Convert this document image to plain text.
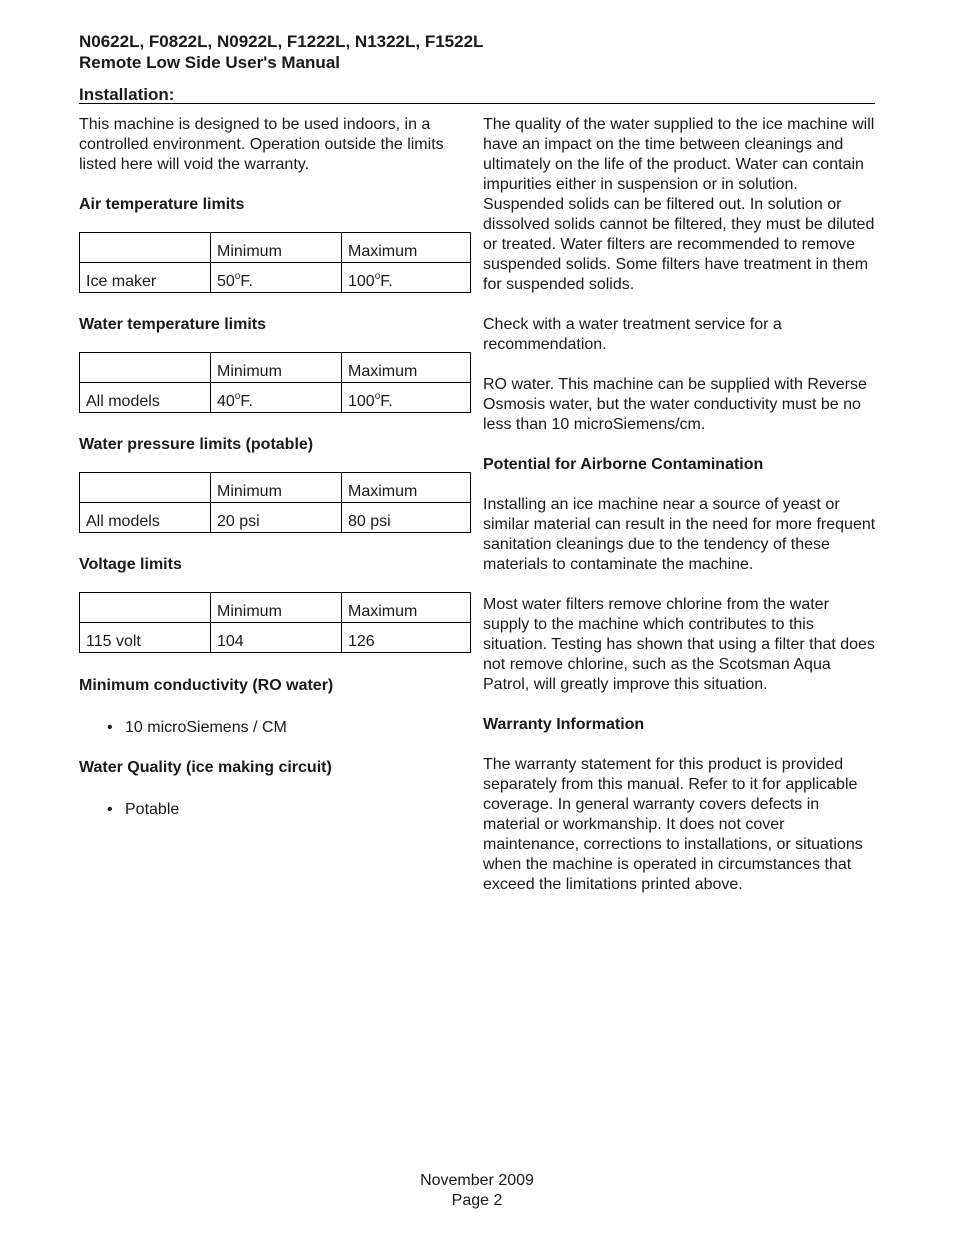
N0622L, F0822L, N0922L, F1222L, N1322L, F1522L
Remote Low Side User's Manual
Installation:

This machine is designed to be used indoors, in a controlled environment. Operation outside the limits listed here will void the warranty.

Air temperature limits

	Minimum	Maximum
Ice maker	50$^o$F.	100$^o$F.

Water temperature limits

	Minimum	Maximum
All models	40$^o$F.	100$^o$F.

Water pressure limits (potable)

	Minimum	Maximum
All models	20 psi	80 psi

Voltage limits

	Minimum	Maximum
115 volt	104	126

Minimum conductivity (RO water)

• 10 microSiemens / CM

Water Quality (ice making circuit)

• Potable

The quality of the water supplied to the ice machine will have an impact on the time between cleanings and ultimately on the life of the product. Water can contain impurities either in suspension or in solution. Suspended solids can be filtered out. In solution or dissolved solids cannot be filtered, they must be diluted or treated. Water filters are recommended to remove suspended solids. Some filters have treatment in them for suspended solids.

Check with a water treatment service for a recommendation.

RO water. This machine can be supplied with Reverse Osmosis water, but the water conductivity must be no less than 10 microSiemens/cm.

Potential for Airborne Contamination

Installing an ice machine near a source of yeast or similar material can result in the need for more frequent sanitation cleanings due to the tendency of these materials to contaminate the machine.

Most water filters remove chlorine from the water supply to the machine which contributes to this situation. Testing has shown that using a filter that does not remove chlorine, such as the Scotsman Aqua Patrol, will greatly improve this situation.

Warranty Information

The warranty statement for this product is provided separately from this manual. Refer to it for applicable coverage. In general warranty covers defects in material or workmanship. It does not cover maintenance, corrections to installations, or situations when the machine is operated in circumstances that exceed the limitations printed above.

November 2009
Page 2
